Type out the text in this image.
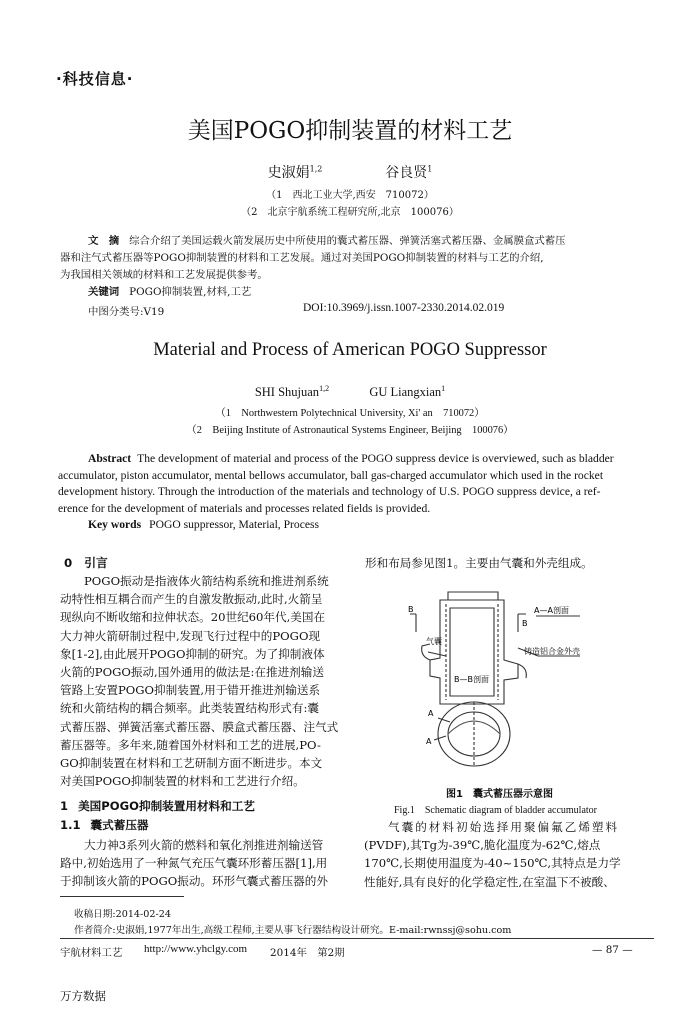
·科技信息·
美国POGO抑制装置的材料工艺
史淑娟$^{1,2}$	谷良贤$^1$
（1　西北工业大学,西安　710072）
（2　北京宇航系统工程研究所,北京　100076）
文　摘 综合介绍了美国运载火箭发展历史中所使用的囊式蓄压器、弹簧活塞式蓄压器、金属膜盒式蓄压
器和注气式蓄压器等POGO抑制装置的材料和工艺发展。通过对美国POGO抑制装置的材料与工艺的介绍,
为我国相关领域的材料和工艺发展提供参考。
关键词 POGO抑制装置,材料,工艺
中图分类号:V19	DOI:10.3969/j.issn.1007-2330.2014.02.019
Material and Process of American POGO Suppressor
SHI Shujuan$^{1,2}$	GU Liangxian$^1$
（1　Northwestern Polytechnical University, Xi' an　710072）
（2　Beijing Institute of Astronautical Systems Engineer, Beijing　100076）
Abstract The development of material and process of the POGO suppress device is overviewed, such as bladder
accumulator, piston accumulator, mental bellows accumulator, ball gas-charged accumulator which used in the rocket
development history. Through the introduction of the materials and technology of U.S. POGO suppress device, a ref-
erence for the development of materials and processes related fields is provided.
Key words POGO suppressor, Material, Process
0 引言
POGO振动是指液体火箭结构系统和推进剂系统
动特性相互耦合而产生的自激发散振动,此时,火箭呈
现纵向不断收缩和拉伸状态。20世纪60年代,美国在
大力神火箭研制过程中,发现飞行过程中的POGO现
象[1-2],由此展开POGO抑制的研究。为了抑制液体
火箭的POGO振动,国外通用的做法是:在推进剂输送
管路上安置POGO抑制装置,用于错开推进剂输送系
统和火箭结构的耦合频率。此类装置结构形式有:囊
式蓄压器、弹簧活塞式蓄压器、膜盒式蓄压器、注气式
蓄压器等。多年来,随着国外材料和工艺的进展,PO-
GO抑制装置在材料和工艺研制方面不断进步。本文
对美国POGO抑制装置的材料和工艺进行介绍。
1 美国POGO抑制装置用材料和工艺
1.1 囊式蓄压器
大力神3系列火箭的燃料和氧化剂推进剂输送管
路中,初始选用了一种氮气充压气囊环形蓄压器[1],用
于抑制该火箭的POGO振动。环形气囊式蓄压器的外
形和布局参见图1。主要由气囊和外壳组成。
B
B
A—A剖面
气囊
铸造铝合金外壳
B—B剖面
A
A
图1　囊式蓄压器示意图
Fig.1　Schematic diagram of bladder accumulator
气囊的材料初始选择用聚偏氟乙烯塑料
(PVDF),其Tg为-39℃,脆化温度为-62℃,熔点
170℃,长期使用温度为-40~150℃,其特点是力学
性能好,具有良好的化学稳定性,在室温下不被酸、
收稿日期:2014-02-24
作者简介:史淑娟,1977年出生,高级工程师,主要从事飞行器结构设计研究。E-mail:rwnssj@sohu.com
宇航材料工艺 http://www.yhclgy.com 2014年　第2期	— 87 —
万方数据
